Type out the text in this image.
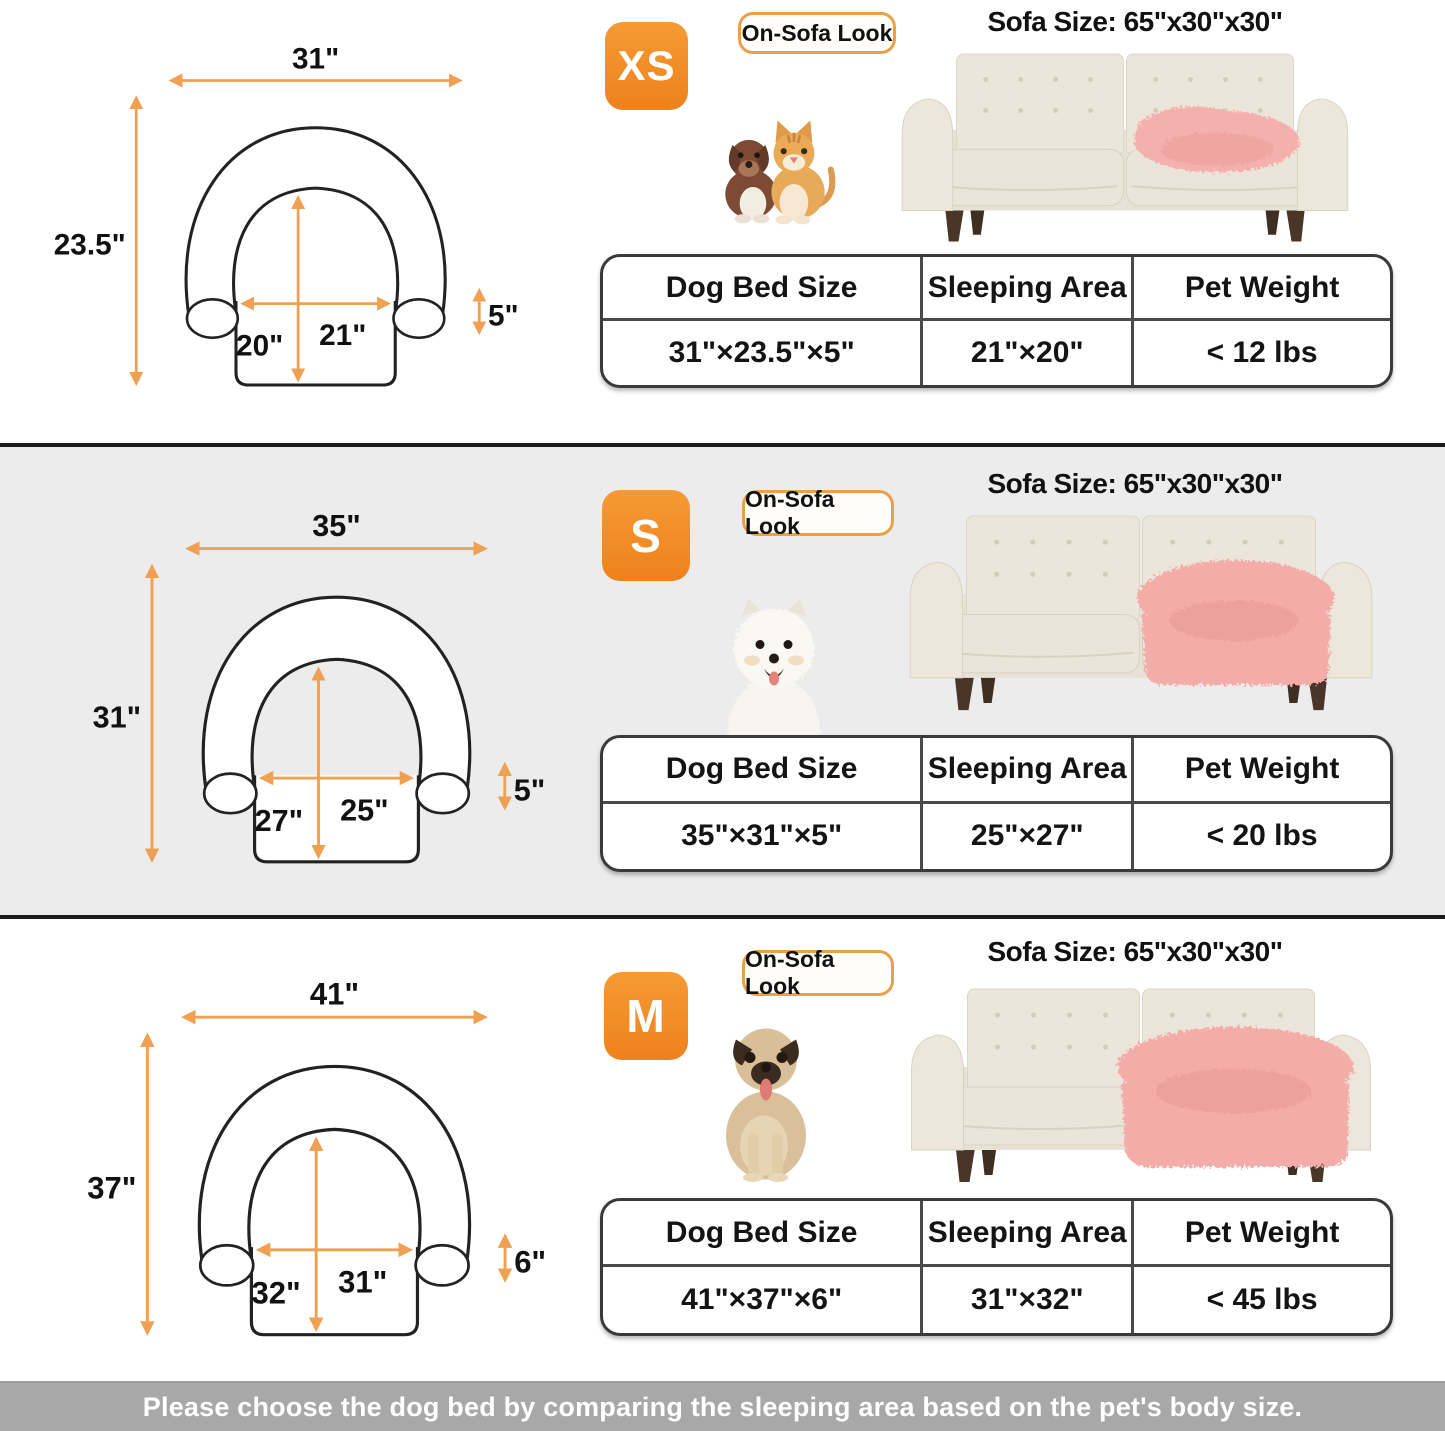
31"
23.5"
21"
20"
5"
XS
On-Sofa Look	Sofa Size: 65"x30"x30"
Dog Bed Size	Sleeping Area	Pet Weight
31"×23.5"×5"	21"×20"	< 12 lbs
35"
31"
25"
27"
5"
S
On-Sofa Look
Sofa Size: 65"x30"x30"
Dog Bed Size	Sleeping Area	Pet Weight
35"×31"×5"	25"×27"	< 20 lbs
41"
37"
31"
32"
6"
M
On-Sofa Look
Sofa Size: 65"x30"x30"
Dog Bed Size	Sleeping Area	Pet Weight
41"×37"×6"	31"×32"	< 45 lbs
Please choose the dog bed by comparing the sleeping area based on the pet's body size.
